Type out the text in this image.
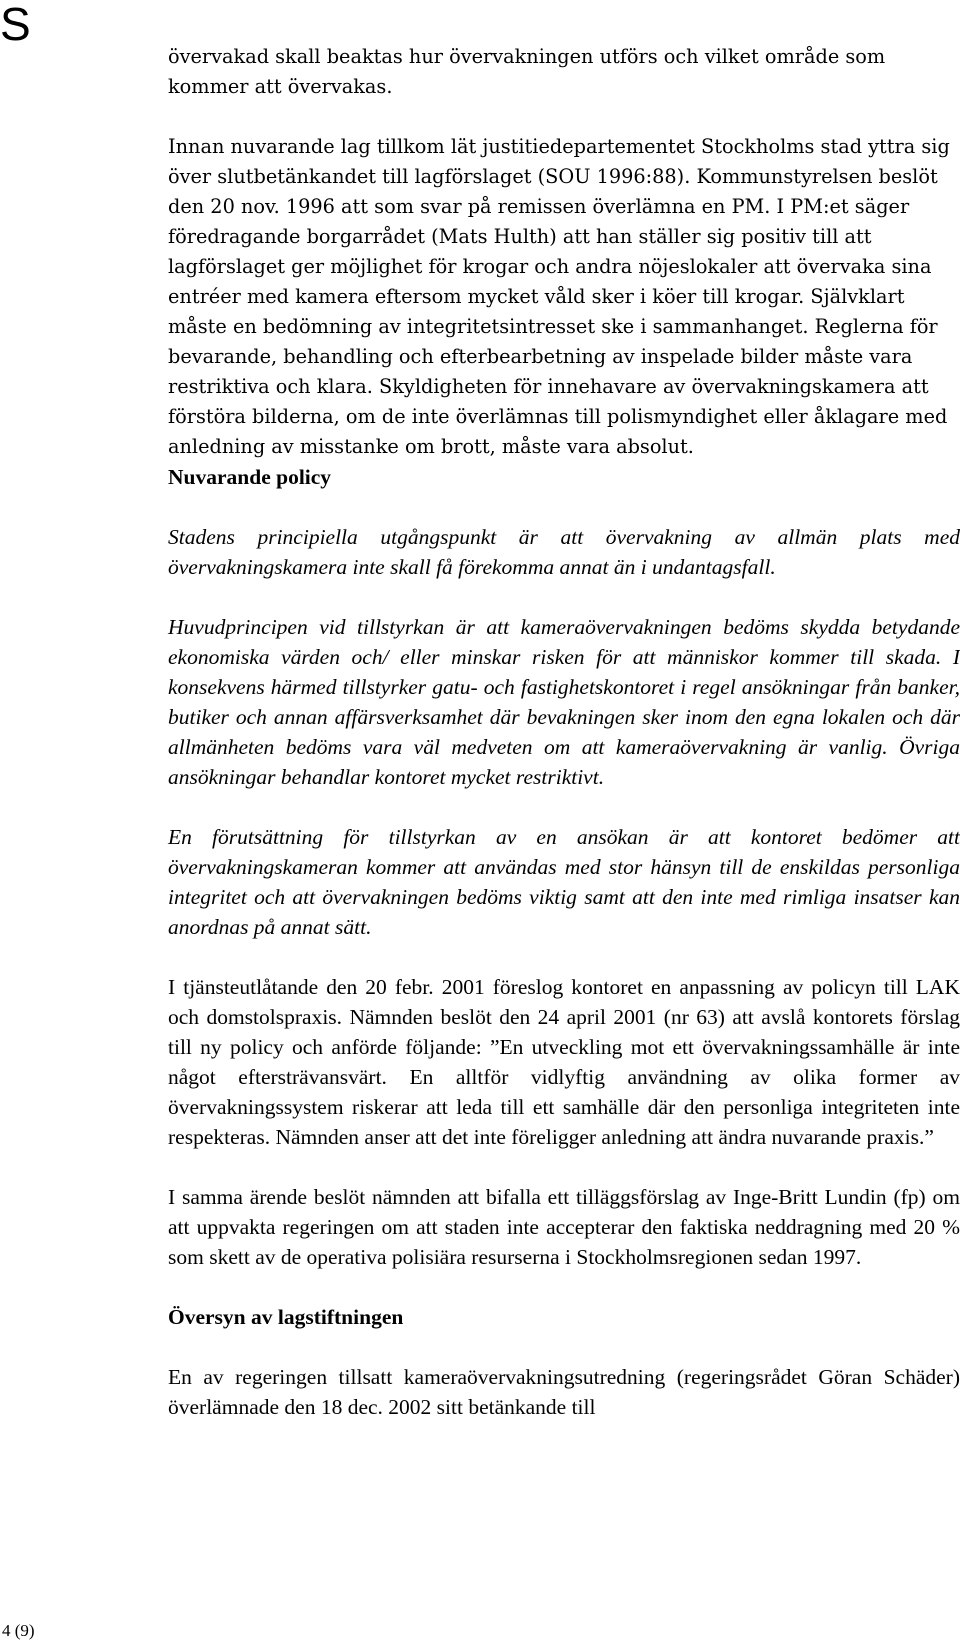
S

övervakad skall beaktas hur övervakningen utförs och vilket område som kommer att övervakas.

Innan nuvarande lag tillkom lät justitiedepartementet Stockholms stad yttra sig över slutbetänkandet till lagförslaget (SOU 1996:88). Kommunstyrelsen beslöt den 20 nov. 1996 att som svar på remissen överlämna en PM. I PM:et säger föredragande borgarrådet (Mats Hulth) att han ställer sig positiv till att lagförslaget ger möjlighet för krogar och andra nöjeslokaler att övervaka sina entréer med kamera eftersom mycket våld sker i köer till krogar. Självklart måste en bedömning av integritetsintresset ske i sammanhanget. Reglerna för bevarande, behandling och efterbearbetning av inspelade bilder måste vara restriktiva och klara. Skyldigheten för innehavare av övervakningskamera att förstöra bilderna, om de inte överlämnas till polismyndighet eller åklagare med anledning av misstanke om brott, måste vara absolut.

Nuvarande policy

Stadens principiella utgångspunkt är att övervakning av allmän plats med övervakningskamera inte skall få förekomma annat än i undantagsfall.

Huvudprincipen vid tillstyrkan är att kameraövervakningen bedöms skydda betydande ekonomiska värden och/ eller minskar risken för att människor kommer till skada. I konsekvens härmed tillstyrker gatu- och fastighetskontoret i regel ansökningar från banker, butiker och annan affärsverksamhet där bevakningen sker inom den egna lokalen och där allmänheten bedöms vara väl medveten om att kameraövervakning är vanlig. Övriga ansökningar behandlar kontoret mycket restriktivt.

En förutsättning för tillstyrkan av en ansökan är att kontoret bedömer att övervakningskameran kommer att användas med stor hänsyn till de enskildas personliga integritet och att övervakningen bedöms viktig samt att den inte med rimliga insatser kan anordnas på annat sätt.

I tjänsteutlåtande den 20 febr. 2001 föreslog kontoret en anpassning av policyn till LAK och domstolspraxis. Nämnden beslöt den 24 april 2001 (nr 63) att avslå kontorets förslag till ny policy och anförde följande: ”En utveckling mot ett övervakningssamhälle är inte något eftersträvansvärt. En alltför vidlyftig användning av olika former av övervakningssystem riskerar att leda till ett samhälle där den personliga integriteten inte respekteras. Nämnden anser att det inte föreligger anledning att ändra nuvarande praxis.”

I samma ärende beslöt nämnden att bifalla ett tilläggsförslag av Inge-Britt Lundin (fp) om att uppvakta regeringen om att staden inte accepterar den faktiska neddragning med 20 % som skett av de operativa polisiära resurserna i Stockholmsregionen sedan 1997.

Översyn av lagstiftningen

En av regeringen tillsatt kameraövervakningsutredning (regeringsrådet Göran Schäder) överlämnade den 18 dec. 2002 sitt betänkande till

4 (9)
